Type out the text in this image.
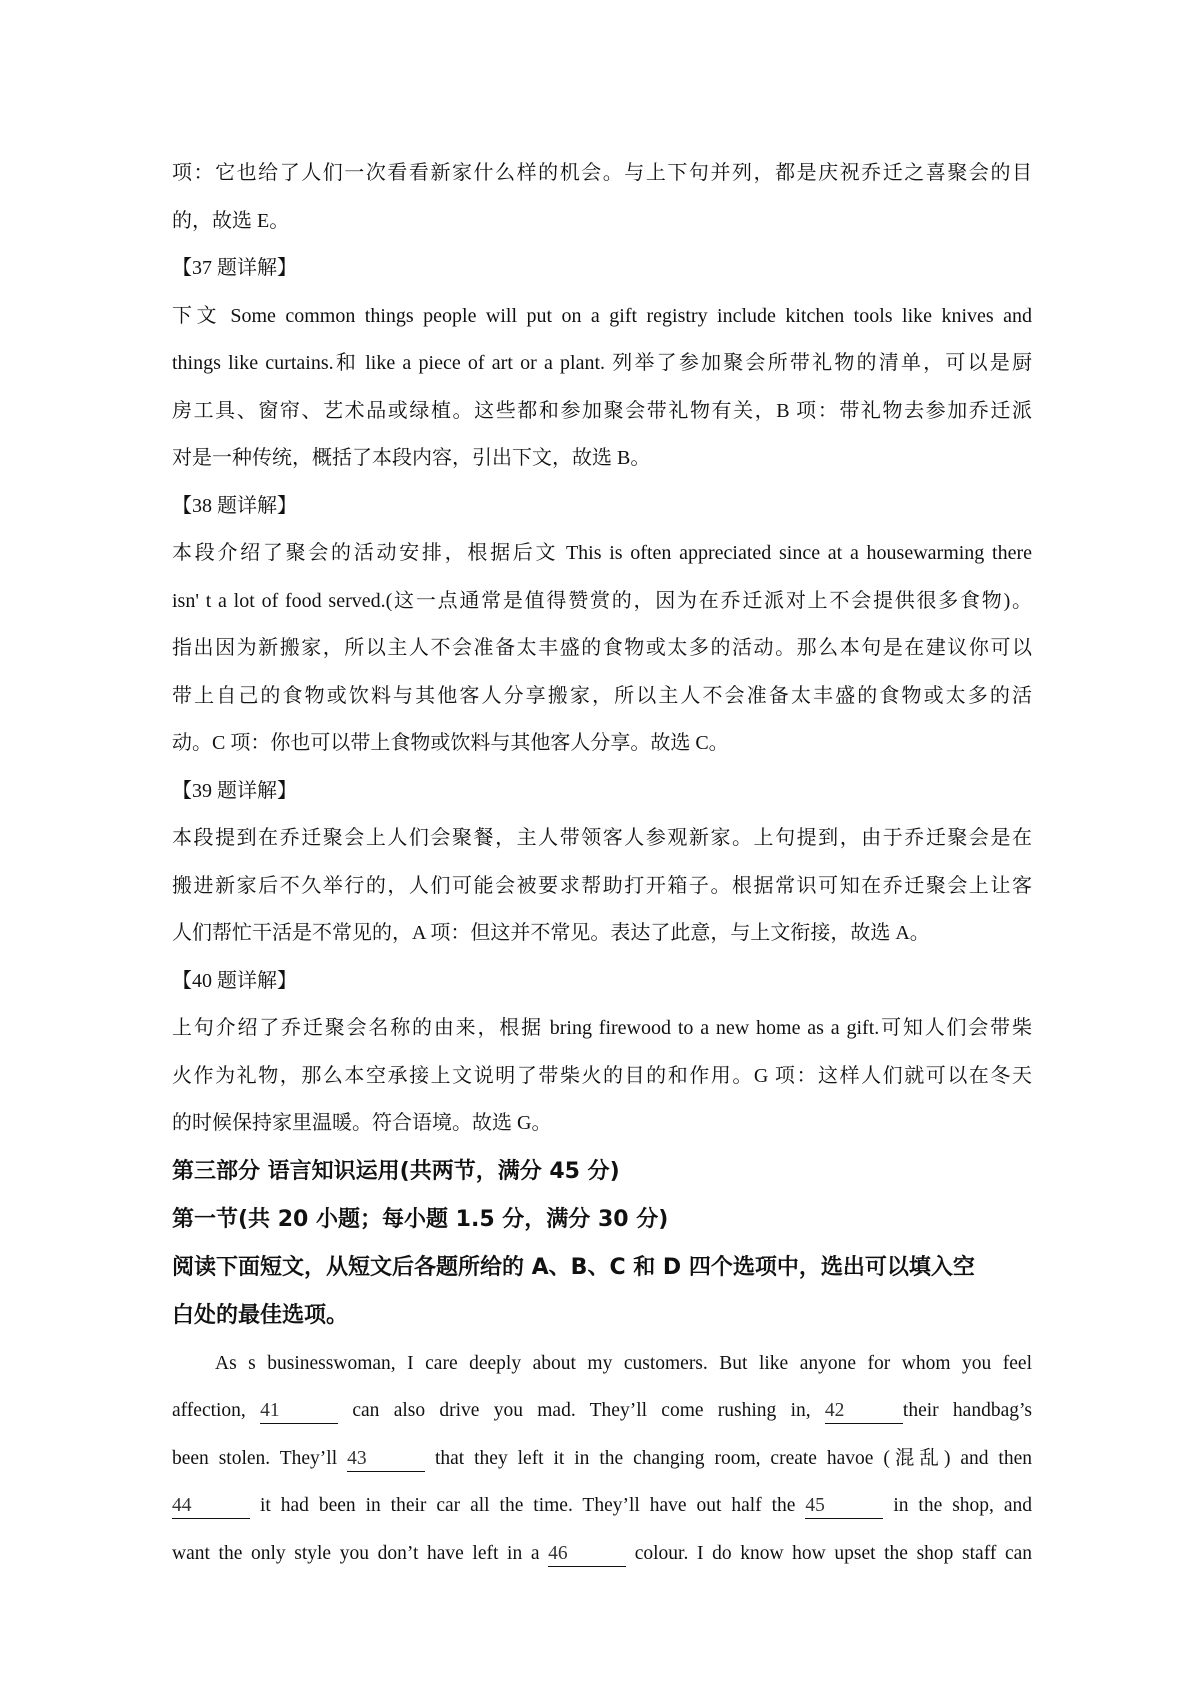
项：它也给了人们一次看看新家什么样的机会。与上下句并列，都是庆祝乔迁之喜聚会的目

的，故选 E。

【37 题详解】

下文 Some common things people will put on a gift registry include kitchen tools like knives and

things like curtains.和 like a piece of art or a plant. 列举了参加聚会所带礼物的清单，可以是厨

房工具、窗帘、艺术品或绿植。这些都和参加聚会带礼物有关，B 项：带礼物去参加乔迁派

对是一种传统，概括了本段内容，引出下文，故选 B。

【38 题详解】

本段介绍了聚会的活动安排，根据后文 This is often appreciated since at a housewarming there

isn' t a lot of food served.(这一点通常是值得赞赏的，因为在乔迁派对上不会提供很多食物)。

指出因为新搬家，所以主人不会准备太丰盛的食物或太多的活动。那么本句是在建议你可以

带上自己的食物或饮料与其他客人分享搬家，所以主人不会准备太丰盛的食物或太多的活

动。C 项：你也可以带上食物或饮料与其他客人分享。故选 C。

【39 题详解】

本段提到在乔迁聚会上人们会聚餐，主人带领客人参观新家。上句提到，由于乔迁聚会是在

搬进新家后不久举行的，人们可能会被要求帮助打开箱子。根据常识可知在乔迁聚会上让客

人们帮忙干活是不常见的，A 项：但这并不常见。表达了此意，与上文衔接，故选 A。

【40 题详解】

上句介绍了乔迁聚会名称的由来，根据 bring firewood to a new home as a gift.可知人们会带柴

火作为礼物，那么本空承接上文说明了带柴火的目的和作用。G 项：这样人们就可以在冬天

的时候保持家里温暖。符合语境。故选 G。

第三部分 语言知识运用(共两节，满分 45 分)

第一节(共 20 小题；每小题 1.5 分，满分 30 分)

阅读下面短文，从短文后各题所给的 A、B、C 和 D 四个选项中，选出可以填入空

白处的最佳选项。

As s businesswoman, I care deeply about my customers. But like anyone for whom you feel

affection, 41	can also drive you mad. They’ll come rushing in, 42	their handbag’s

been stolen. They’ll 43	that they left it in the changing room, create havoe (混乱) and then

44	it had been in their car all the time. They’ll have out half the 45	in the shop, and

want the only style you don’t have left in a 46	colour. I do know how upset the shop staff can
